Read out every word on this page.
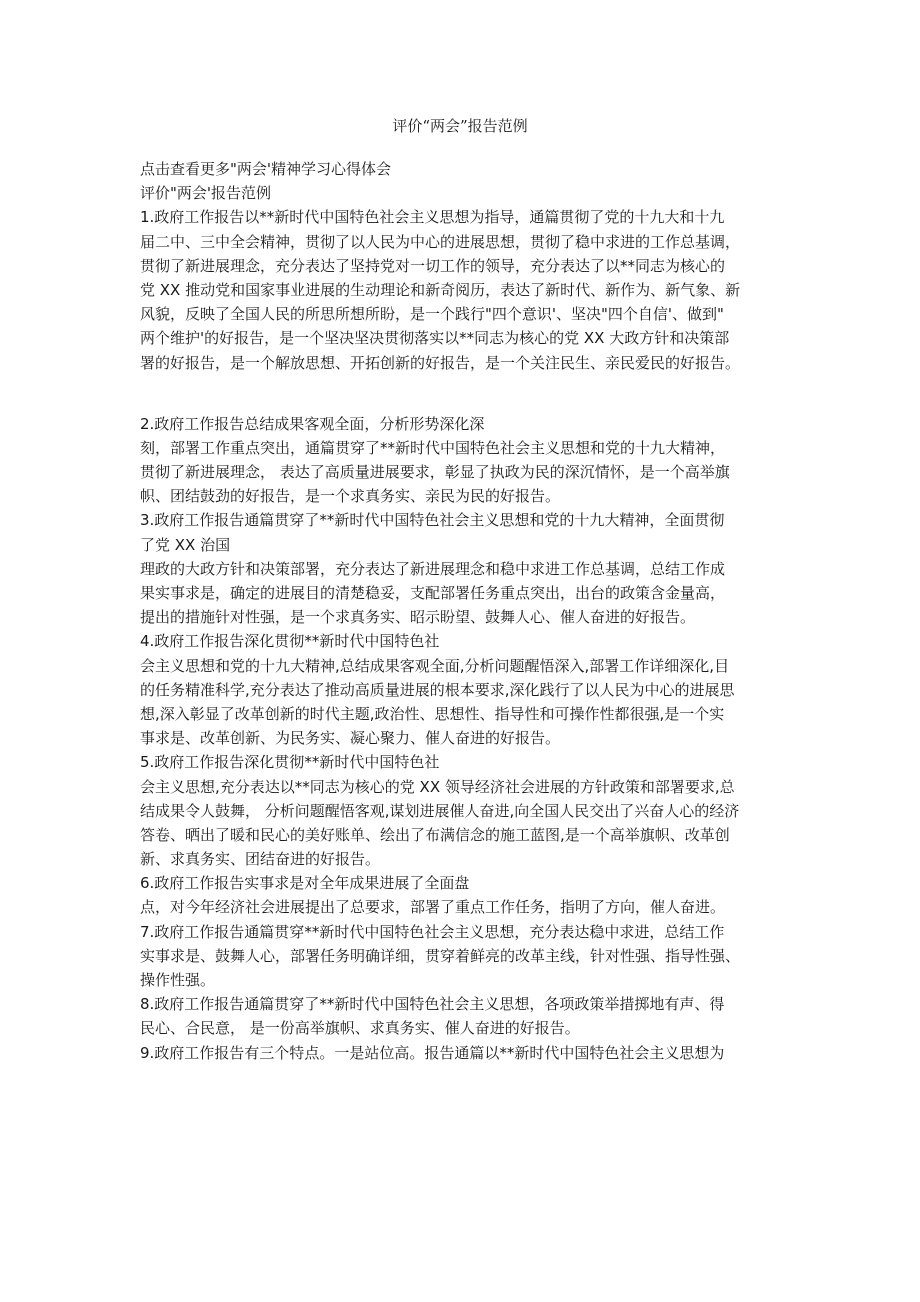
评价“两会”报告范例
点击查看更多"两会'精神学习心得体会
评价"两会'报告范例
1.政府工作报告以**新时代中国特色社会主义思想为指导，通篇贯彻了党的十九大和十九
届二中、三中全会精神，贯彻了以人民为中心的进展思想，贯彻了稳中求进的工作总基调，
贯彻了新进展理念，充分表达了坚持党对一切工作的领导，充分表达了以**同志为核心的
党 XX 推动党和国家事业进展的生动理论和新奇阅历，表达了新时代、新作为、新气象、新
风貌，反映了全国人民的所思所想所盼，是一个践行"四个意识'、坚决"四个自信'、做到"
两个维护'的好报告，是一个坚决坚决贯彻落实以**同志为核心的党 XX 大政方针和决策部
署的好报告，是一个解放思想、开拓创新的好报告，是一个关注民生、亲民爱民的好报告。
2.政府工作报告总结成果客观全面，分析形势深化深
刻，部署工作重点突出，通篇贯穿了**新时代中国特色社会主义思想和党的十九大精神，
贯彻了新进展理念， 表达了高质量进展要求，彰显了执政为民的深沉情怀，是一个高举旗
帜、团结鼓劲的好报告，是一个求真务实、亲民为民的好报告。
3.政府工作报告通篇贯穿了**新时代中国特色社会主义思想和党的十九大精神，全面贯彻
了党 XX 治国
理政的大政方针和决策部署，充分表达了新进展理念和稳中求进工作总基调，总结工作成
果实事求是，确定的进展目的清楚稳妥，支配部署任务重点突出，出台的政策含金量高，
提出的措施针对性强，是一个求真务实、昭示盼望、鼓舞人心、催人奋进的好报告。
4.政府工作报告深化贯彻**新时代中国特色社
会主义思想和党的十九大精神,总结成果客观全面,分析问题醒悟深入,部署工作详细深化,目
的任务精准科学,充分表达了推动高质量进展的根本要求,深化践行了以人民为中心的进展思
想,深入彰显了改革创新的时代主题,政治性、思想性、指导性和可操作性都很强,是一个实
事求是、改革创新、为民务实、凝心聚力、催人奋进的好报告。
5.政府工作报告深化贯彻**新时代中国特色社
会主义思想,充分表达以**同志为核心的党 XX 领导经济社会进展的方针政策和部署要求,总
结成果令人鼓舞， 分析问题醒悟客观,谋划进展催人奋进,向全国人民交出了兴奋人心的经济
答卷、晒出了暖和民心的美好账单、绘出了布满信念的施工蓝图,是一个高举旗帜、改革创
新、求真务实、团结奋进的好报告。
6.政府工作报告实事求是对全年成果进展了全面盘
点，对今年经济社会进展提出了总要求，部署了重点工作任务，指明了方向，催人奋进。
7.政府工作报告通篇贯穿**新时代中国特色社会主义思想，充分表达稳中求进，总结工作
实事求是、鼓舞人心，部署任务明确详细，贯穿着鲜亮的改革主线，针对性强、指导性强、
操作性强。
8.政府工作报告通篇贯穿了**新时代中国特色社会主义思想，各项政策举措掷地有声、得
民心、合民意， 是一份高举旗帜、求真务实、催人奋进的好报告。
9.政府工作报告有三个特点。一是站位高。报告通篇以**新时代中国特色社会主义思想为
